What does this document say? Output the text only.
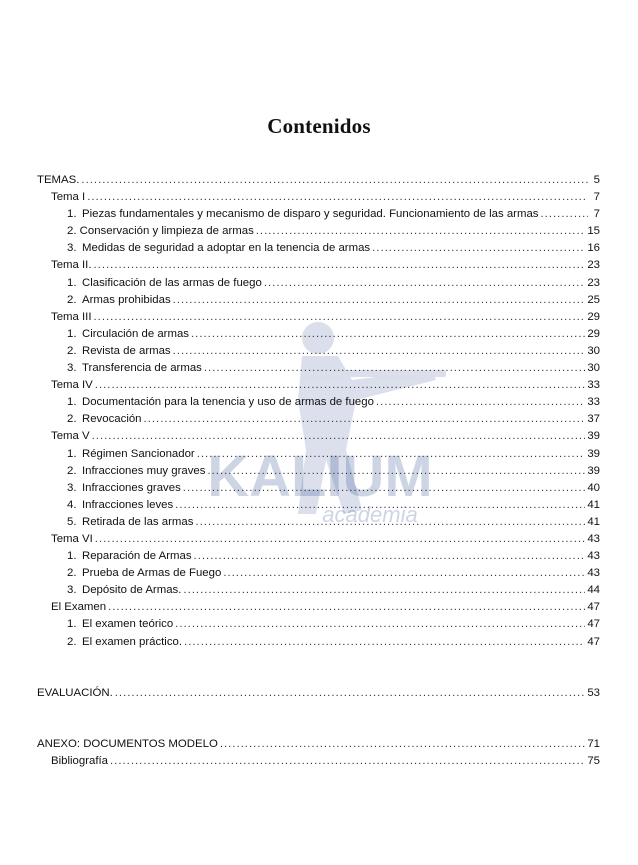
KALIUM
academia
Contenidos
TEMAS. .....	5
Tema I .....	7
1. Piezas fundamentales y mecanismo de disparo y seguridad. Funcionamiento de las armas .....	7
2. Conservación y limpieza de armas .....	15
3. Medidas de seguridad a adoptar en la tenencia de armas .....	16
Tema II. .....	23
1. Clasificación de las armas de fuego .....	23
2. Armas prohibidas .....	25
Tema III .....	29
1. Circulación de armas .....	29
2. Revista de armas .....	30
3. Transferencia de armas .....	30
Tema IV .....	33
1. Documentación para la tenencia y uso de armas de fuego .....	33
2. Revocación .....	37
Tema V .....	39
1. Régimen Sancionador .....	39
2. Infracciones muy graves .....	39
3. Infracciones graves .....	40
4. Infracciones leves .....	41
5. Retirada de las armas .....	41
Tema VI .....	43
1. Reparación de Armas .....	43
2. Prueba de Armas de Fuego .....	43
3. Depósito de Armas. .....	44
El Examen .....	47
1. El examen teórico .....	47
2. El examen práctico. .....	47
EVALUACIÓN. .....	53
ANEXO: DOCUMENTOS MODELO .....	71
Bibliografía .....	75
